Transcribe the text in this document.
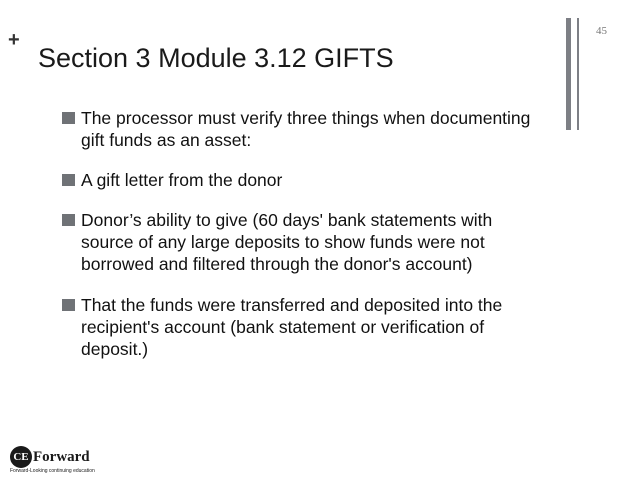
+
Section 3 Module 3.12 GIFTS
45
The processor must verify three things when documenting gift funds as an asset:
A gift letter from the donor
Donor’s ability to give (60 days' bank statements with source of any large deposits to show funds were not borrowed and filtered through the donor's account)
That the funds were transferred and deposited into the recipient's account (bank statement or verification of deposit.)
CE Forward
Forward-Looking continuing education
